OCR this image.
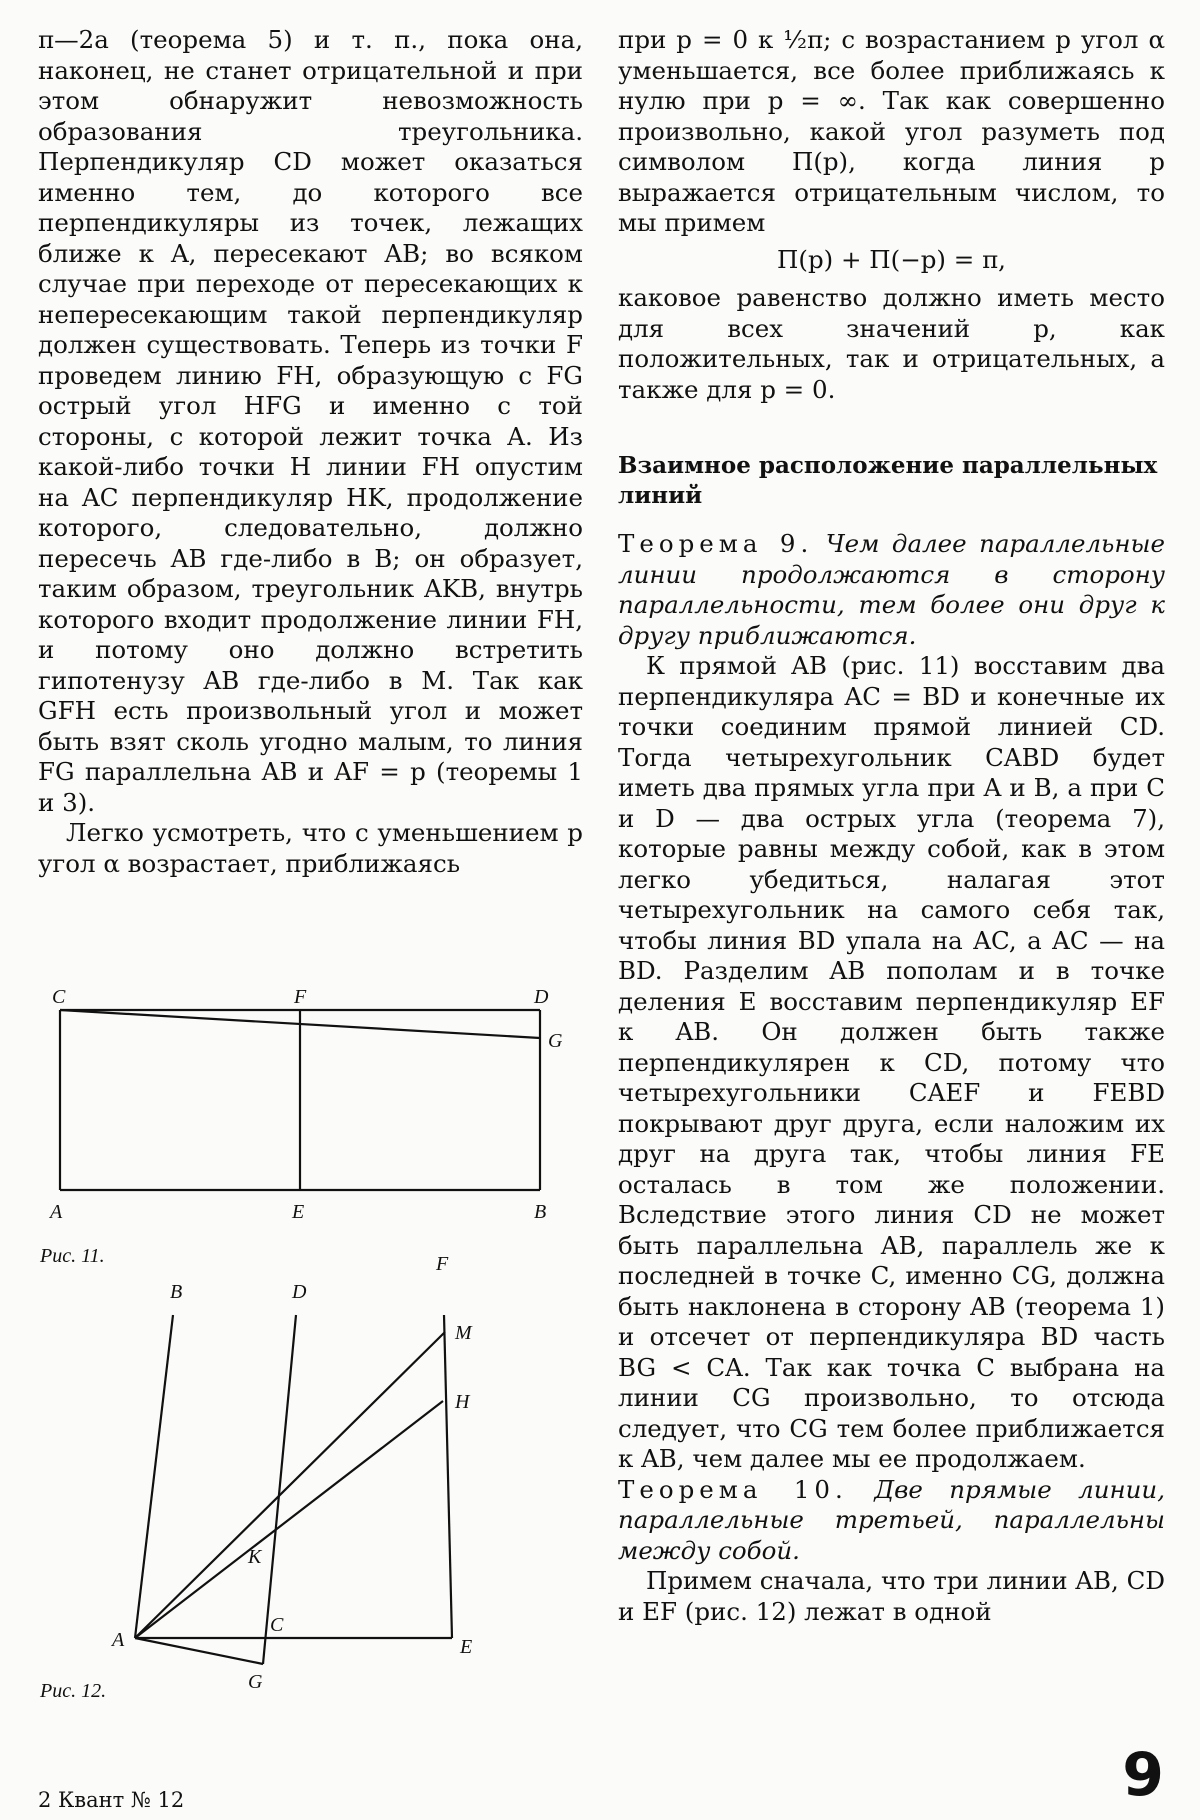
π—2a (теорема 5) и т. п., пока она, наконец, не станет отрицательной и при этом обнаружит невозможность образования треугольника. Перпендикуляр CD может оказаться именно тем, до которого все перпендикуляры из точек, лежащих ближе к A, пересекают AB; во всяком случае при переходе от пересекающих к непересекающим такой перпендикуляр должен существовать. Теперь из точки F проведем линию FH, образующую с FG острый угол HFG и именно с той стороны, с которой лежит точка A. Из какой-либо точки H линии FH опустим на AC перпендикуляр HK, продолжение которого, следовательно, должно пересечь AB где-либо в B; он образует, таким образом, треугольник AKB, внутрь которого входит продолжение линии FH, и потому оно должно встретить гипотенузу AB где-либо в M. Так как GFH есть произвольный угол и может быть взят сколь угодно малым, то линия FG параллельна AB и AF = p (теоремы 1 и 3).

Легко усмотреть, что с уменьшением p угол α возрастает, приближаясь

C	F	D
G
A	E	B
Рис. 11.
B	D
F
M
H
K
A
C
E
G
Рис. 12.

при p = 0 к ½π; с возрастанием p угол α уменьшается, все более приближаясь к нулю при p = ∞. Так как совершенно произвольно, какой угол разуметь под символом Π(p), когда линия p выражается отрицательным числом, то мы примем

Π(p) + Π(−p) = π,

каковое равенство должно иметь место для всех значений p, как положительных, так и отрицательных, а также для p = 0.

Взаимное расположение параллельных линий

Теорема 9. Чем далее параллельные линии продолжаются в сторону параллельности, тем более они друг к другу приближаются.

К прямой AB (рис. 11) восставим два перпендикуляра AC = BD и конечные их точки соединим прямой линией CD. Тогда четырехугольник CABD будет иметь два прямых угла при A и B, а при C и D — два острых угла (теорема 7), которые равны между собой, как в этом легко убедиться, налагая этот четырехугольник на самого себя так, чтобы линия BD упала на AC, а AC — на BD. Разделим AB пополам и в точке деления E восставим перпендикуляр EF к AB. Он должен быть также перпендикулярен к CD, потому что четырехугольники CAEF и FEBD покрывают друг друга, если наложим их друг на друга так, чтобы линия FE осталась в том же положении. Вследствие этого линия CD не может быть параллельна AB, параллель же к последней в точке C, именно CG, должна быть наклонена в сторону AB (теорема 1) и отсечет от перпендикуляра BD часть BG < CA. Так как точка C выбрана на линии CG произвольно, то отсюда следует, что CG тем более приближается к AB, чем далее мы ее продолжаем.

Теорема 10. Две прямые линии, параллельные третьей, параллельны между собой.

Примем сначала, что три линии AB, CD и EF (рис. 12) лежат в одной

2 Квант № 12	9
